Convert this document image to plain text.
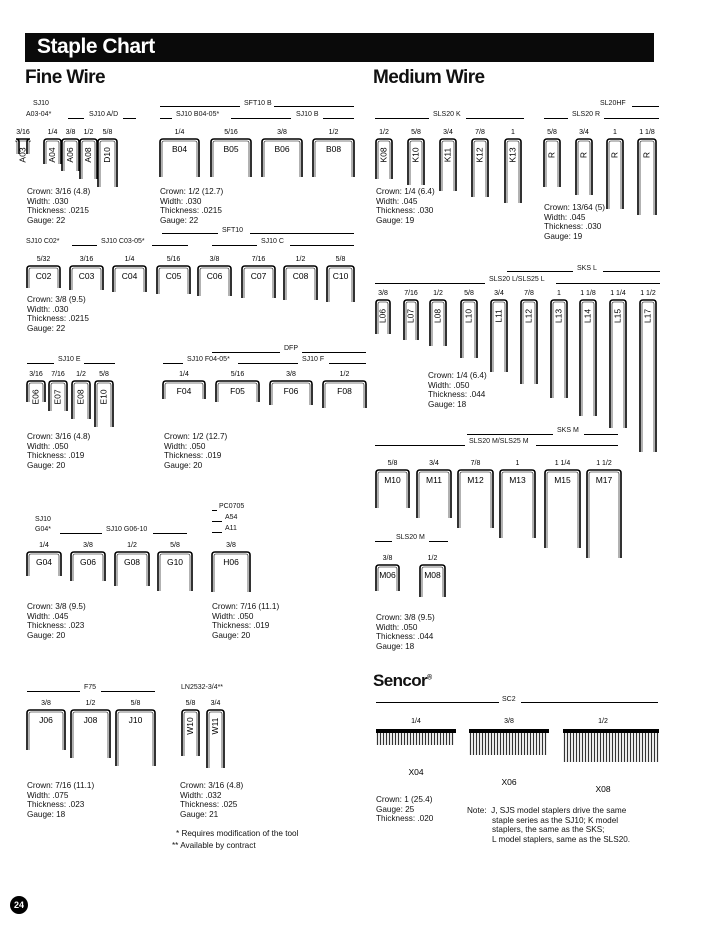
Staple Chart
Fine Wire	Medium Wire
SJ10
A03-04*	SJ10 A/D
SFT10 B
SJ10 B04-05*	SJ10 B
SFT10
SJ10 C02*	SJ10 C03-05*	SJ10 C
DFP
SJ10 E	SJ10 F04-05*	SJ10 F
SJ10
G04*	SJ10 G06-10
PC0705
A54
A11
F75	LN2532-3/4**
Crown: 3/16 (4.8)
Width: .030
Thickness: .0215
Gauge: 22
Crown: 1/2 (12.7)
Width: .030
Thickness: .0215
Gauge: 22
Crown: 3/8 (9.5)
Width: .030
Thickness: .0215
Gauge: 22
Crown: 3/16 (4.8)
Width: .050
Thickness: .019
Gauge: 20
Crown: 1/2 (12.7)
Width: .050
Thickness: .019
Gauge: 20
Crown: 3/8 (9.5)
Width: .045
Thickness: .023
Gauge: 20
Crown: 7/16 (11.1)
Width: .050
Thickness: .019
Gauge: 20
Crown: 7/16 (11.1)
Width: .075
Thickness: .023
Gauge: 18
Crown: 3/16 (4.8)
Width: .032
Thickness: .025
Gauge: 21
* Requires modification of the tool
** Available by contract
SL20HF
SLS20 K	SLS20 R
SKS L
SLS20 L/SLS25 L
Crown: 1/4 (6.4)
Width: .050
Thickness: .044
Gauge: 18
SKS M
SLS20 M/SLS25 M
SLS20 M
Crown: 1/4 (6.4)
Width: .045
Thickness: .030
Gauge: 19
Crown: 13/64 (5)
Width: .045
Thickness: .030
Gauge: 19
Crown: 3/8 (9.5)
Width: .050
Thickness: .044
Gauge: 18
Sencor®
SC2
Crown: 1 (25.4)
Gauge: 25
Thickness: .020
Note:  J, SJS model staplers drive the same
staple series as the SJ10; K model
staplers, the same as the SKS;
L model staplers, same as the SLS20.
24
A03
3/16
A04
1/4
A06
3/8
A08
1/2
D10
5/8
B04
1/4
B05
5/16
B06
3/8
B08
1/2
C02
5/32
C03
3/16
C04
1/4
C05
5/16
C06
3/8
C07
7/16
C08
1/2
C10
5/8
E06
3/16
E07
7/16
E08
1/2
E10
5/8
F04
1/4
F05
5/16
F06
3/8
F08
1/2
G04
1/4
G06
3/8
G08
1/2
G10
5/8
H06
3/8
J06
3/8
J08
1/2
J10
5/8
W10
5/8
W11
3/4
K08
1/2
K10
5/8
K11
3/4
K12
7/8
K13
1
R
5/8
R
3/4
R
1
R
1 1/8
L06
3/8
L07
7/16
L08
1/2
L10
5/8
L11
3/4
L12
7/8
L13
1
L14
1 1/8
L15
1 1/4
L17
1 1/2
M10
5/8
M11
3/4
M12
7/8
M13
1
M15
1 1/4
M17
1 1/2
M06
3/8
M08
1/2
X04
1/4
X06
3/8
X08
1/2
